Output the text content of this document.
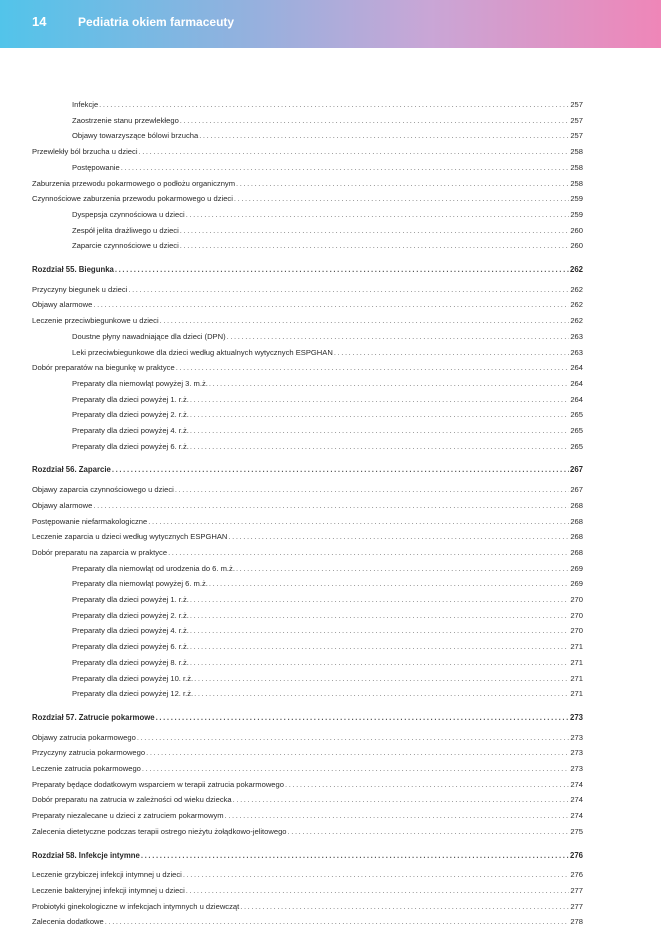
14	Pediatria okiem farmaceuty
Infekcje .....	257
Zaostrzenie stanu przewlekłego .....	257
Objawy towarzyszące bólowi brzucha .....	257
Przewlekły ból brzucha u dzieci .....	258
Postępowanie .....	258
Zaburzenia przewodu pokarmowego o podłożu organicznym .....	258
Czynnościowe zaburzenia przewodu pokarmowego u dzieci .....	259
Dyspepsja czynnościowa u dzieci .....	259
Zespół jelita drażliwego u dzieci .....	260
Zaparcie czynnościowe u dzieci .....	260
Rozdział 55. Biegunka .....	262
Przyczyny biegunek u dzieci .....	262
Objawy alarmowe .....	262
Leczenie przeciwbiegunkowe u dzieci .....	262
Doustne płyny nawadniające dla dzieci (DPN) .....	263
Leki przeciwbiegunkowe dla dzieci według aktualnych wytycznych ESPGHAN .....	263
Dobór preparatów na biegunkę w praktyce .....	264
Preparaty dla niemowląt powyżej 3. m.ż. .....	264
Preparaty dla dzieci powyżej 1. r.ż. .....	264
Preparaty dla dzieci powyżej 2. r.ż. .....	265
Preparaty dla dzieci powyżej 4. r.ż. .....	265
Preparaty dla dzieci powyżej 6. r.ż. .....	265
Rozdział 56. Zaparcie .....	267
Objawy zaparcia czynnościowego u dzieci .....	267
Objawy alarmowe .....	268
Postępowanie niefarmakologiczne .....	268
Leczenie zaparcia u dzieci według wytycznych ESPGHAN .....	268
Dobór preparatu na zaparcia w praktyce .....	268
Preparaty dla niemowląt od urodzenia do 6. m.ż. .....	269
Preparaty dla niemowląt powyżej 6. m.ż. .....	269
Preparaty dla dzieci powyżej 1. r.ż. .....	270
Preparaty dla dzieci powyżej 2. r.ż. .....	270
Preparaty dla dzieci powyżej 4. r.ż. .....	270
Preparaty dla dzieci powyżej 6. r.ż. .....	271
Preparaty dla dzieci powyżej 8. r.ż. .....	271
Preparaty dla dzieci powyżej 10. r.ż. .....	271
Preparaty dla dzieci powyżej 12. r.ż. .....	271
Rozdział 57. Zatrucie pokarmowe .....	273
Objawy zatrucia pokarmowego .....	273
Przyczyny zatrucia pokarmowego .....	273
Leczenie zatrucia pokarmowego .....	273
Preparaty będące dodatkowym wsparciem w terapii zatrucia pokarmowego .....	274
Dobór preparatu na zatrucia w zależności od wieku dziecka .....	274
Preparaty niezalecane u dzieci z zatruciem pokarmowym .....	274
Zalecenia dietetyczne podczas terapii ostrego nieżytu żołądkowo-jelitowego .....	275
Rozdział 58. Infekcje intymne .....	276
Leczenie grzybiczej infekcji intymnej u dzieci .....	276
Leczenie bakteryjnej infekcji intymnej u dzieci .....	277
Probiotyki ginekologiczne w infekcjach intymnych u dziewcząt .....	277
Zalecenia dodatkowe .....	278
